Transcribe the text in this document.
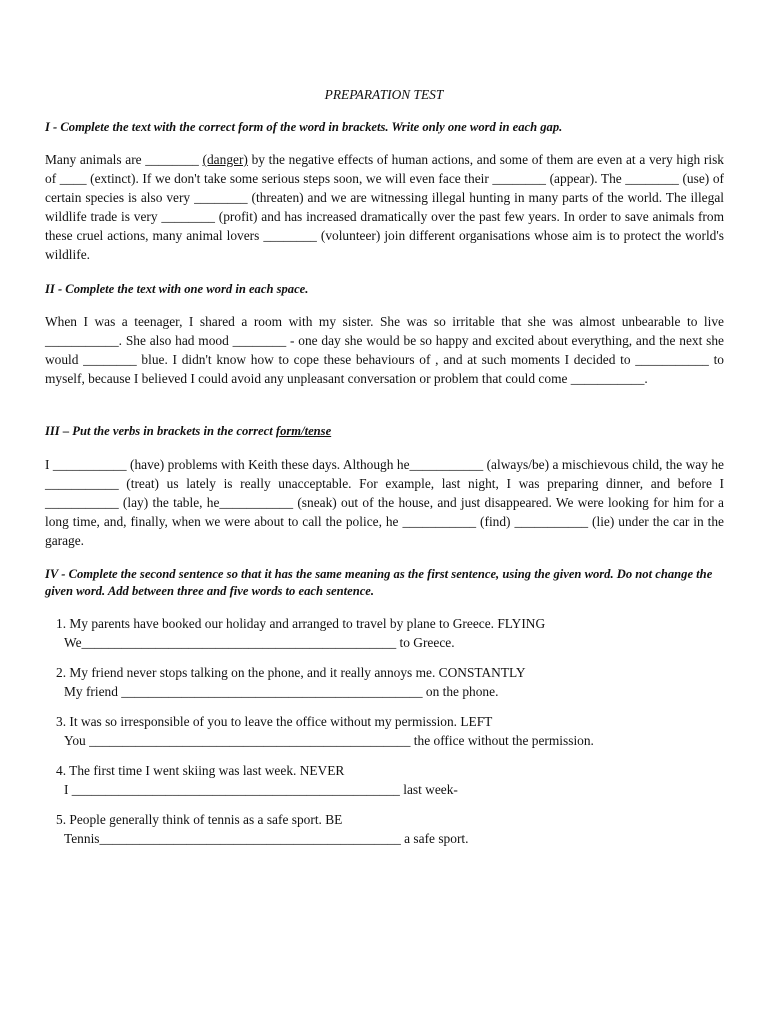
PREPARATION TEST
I - Complete the text with the correct form of the word in brackets. Write only one word in each gap.
Many animals are ________ (danger) by the negative effects of human actions, and some of them are even at a very high risk of ____ (extinct). If we don't take some serious steps soon, we will even face their ________ (appear). The ________ (use) of certain species is also very ________ (threaten) and we are witnessing illegal hunting in many parts of the world. The illegal wildlife trade is very ________ (profit) and has increased dramatically over the past few years. In order to save animals from these cruel actions, many animal lovers ________ (volunteer) join different organisations whose aim is to protect the world's wildlife.
II - Complete the text with one word in each space.
When I was a teenager, I shared a room with my sister. She was so irritable that she was almost unbearable to live ___________. She also had mood ________ - one day she would be so happy and excited about everything, and the next she would ________ blue. I didn't know how to cope these behaviours of , and at such moments I decided to ___________ to myself, because I believed I could avoid any unpleasant conversation or problem that could come ___________.
III – Put the verbs in brackets in the correct form/tense
I ___________ (have) problems with Keith these days. Although he___________ (always/be) a mischievous child, the way he ___________ (treat) us lately is really unacceptable. For example, last night, I was preparing dinner, and before I ___________ (lay) the table, he___________ (sneak) out of the house, and just disappeared. We were looking for him for a long time, and, finally, when we were about to call the police, he ___________ (find) ___________ (lie) under the car in the garage.
IV - Complete the second sentence so that it has the same meaning as the first sentence, using the given word. Do not change the given word. Add between three and five words to each sentence.
1. My parents have booked our holiday and arranged to travel by plane to Greece. FLYING
We_______________________________________________ to Greece.
2. My friend never stops talking on the phone, and it really annoys me. CONSTANTLY
My friend _____________________________________________ on the phone.
3. It was so irresponsible of you to leave the office without my permission. LEFT
You ________________________________________________ the office without the permission.
4. The first time I went skiing was last week. NEVER
I _________________________________________________ last week-
5. People generally think of tennis as a safe sport. BE
Tennis_____________________________________________ a safe sport.
